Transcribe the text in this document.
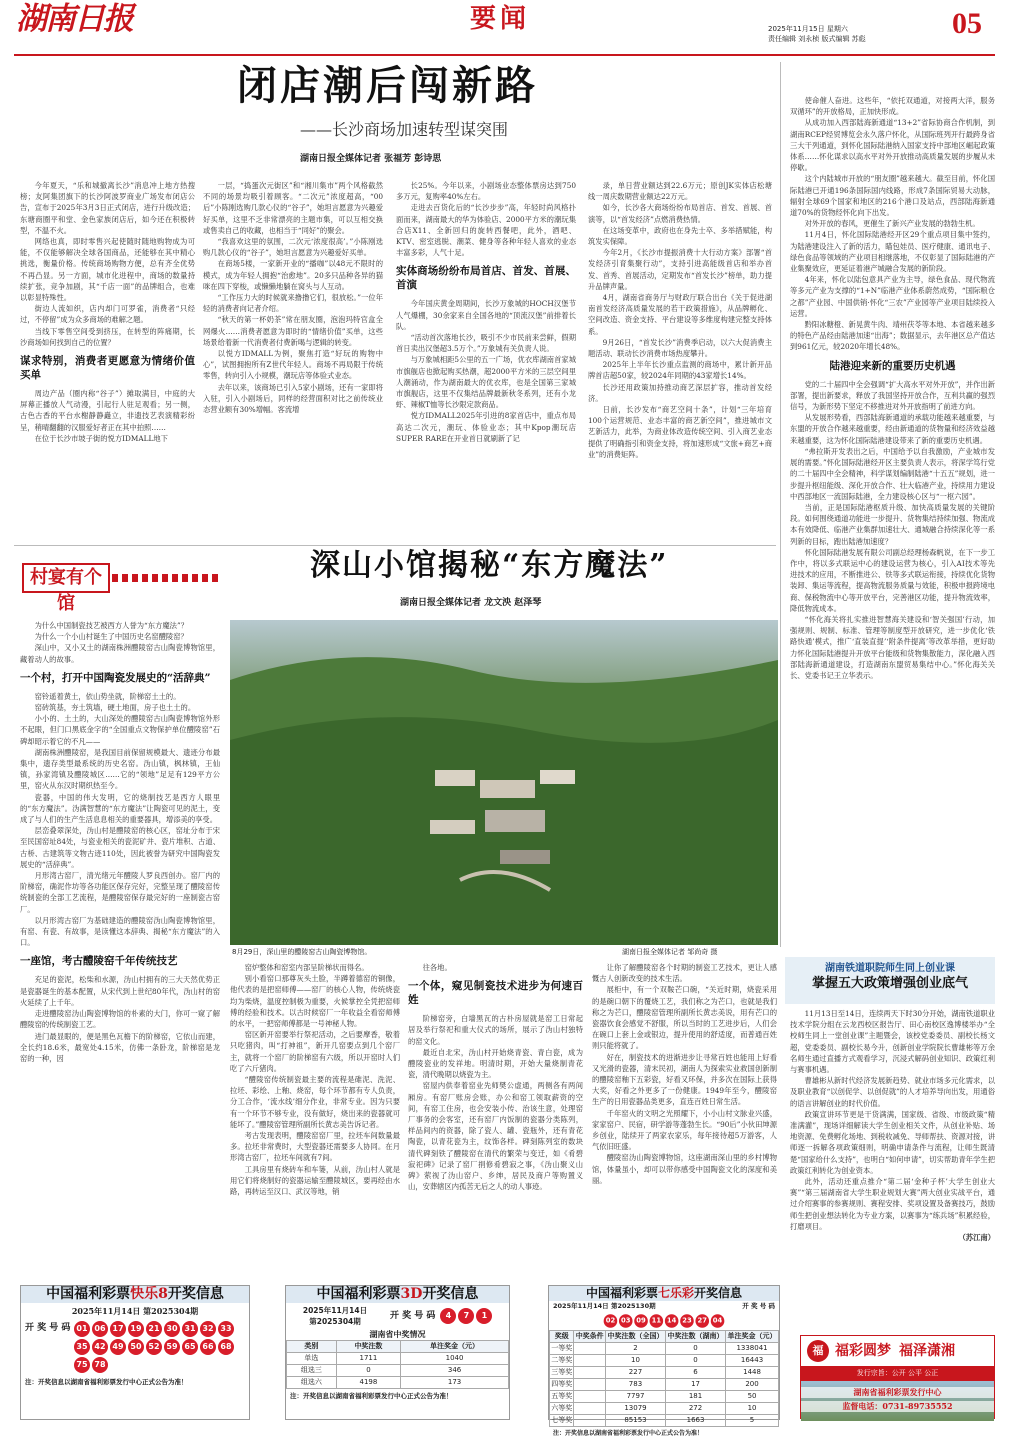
湖南日报	要闻	2025年11月15日 星期六
责任编辑 刘永桢 版式编辑 苏彪	05
闭店潮后闯新路
——长沙商场加速转型谋突围
湖南日报全媒体记者 张福芳 彭诗思

今年夏天，“乐和城撤离长沙”消息冲上地方热搜榜；友阿集团旗下的长沙阿波罗商业广场发布闭店公告，宣布于2025年3月3日正式闭店，进行升级改造；东塘商圈平和堂、金色家族闭店后，如今还在积极转型，不温不火。

网络也真，即时零售兴起使随时随地购物成为可能，不仅能够解决全球各国商品，还能够在其中精心挑选，衡量价格。传统商场购物方便，总有齐全优势不再凸显。另一方面，城市化进程中，商场的数量持续扩张，竞争加剧，其“千店一面”的品牌组合，也难以彰显特殊性。

街边人流如织，店内却门可罗雀，消费者“只经过，不停留”成为众多商场的难解之题。

当线下零售空间受到挤压，在转型的阵痛期，长沙商场如何找到自己的位置？

谋求特别，消费者更愿意为情绪价值买单

周边产品（圈内称“谷子”）摊取满目，中庭的大屏幕正播放人气动漫，引起行人驻足观看；另一侧，古色古香的平台水榭静静矗立，非遗技艺表演精彩纷呈，稍晴翻翻的汉服爱好者正在其中拍照……

在位于长沙市坡子街的悦方IDMALL地下

一层，“捣蛋次元街区”和“湘川集市”两个风格截然不同的场景均吸引着顾客。“二次元”浓度超高，“00后”小陈刚选购几款心仪的“谷子”，她坦言愿意为兴趣爱好买单，这里不乏非常漂亮的主题市集，可以互相交换或售卖自己的收藏，也相当于“同好”的聚会。

“我喜欢这里的氛围，二次元‘浓度很高’。”小陈刚选购几款心仪的“谷子”，她坦言愿意为兴趣爱好买单。

在商场5楼，一家新开业的“播咖”以48元不限时的模式，成为年轻人拥抱“治愈地”。20多只品种各异的猫咪在四下穿梭，或懒懒地躺在窝头与人互动。

“工作压力大的时候就来撸撸它们，很放松。”一位年轻的消费者向记者介绍。

“秋天的第一杯奶茶”常在朋友圈，泡泡玛特官盒全网爆火……消费者愿意为即时的“情绪价值”买单，这些场景给着新一代消费者付费新喝与逻辑的转变。

以悦方IDMALL为例，聚焦打造“好玩的购物中心”，试图拥抱所有Z世代年轻人。商场不再局限于传统零售，转向引入小规模，潮玩店等体验式业态。

去年以来，该商场已引入5家小剧场，还有一家即将入驻，引入小剧场后，同样的经营面积对比之前传统业态营业额有30%增幅。客流增

长25%。今年以来，小剧场业态整体票房达到750多万元，复购率40%左右。

走进去百货化后的“长沙步步”高，年轻时尚风格扑面而来，湖南最大的华为体验店、2000平方米的潮玩集合店X11、全新回归的旋转西餐吧，此外，酒吧、KTV、密室逃脱、潮菜、健身等各种年轻人喜欢的业态丰富多彩，人气十足。

实体商场纷纷布局首店、首发、首展、首演

今年国庆黄金周期间，长沙万象城的HOCH汉堡节人气爆棚，30余家来自全国各地的“顶流汉堡”前排着长队。

“活动首次落地长沙，吸引不少市民前来尝鲜，假期首日卖出汉堡超3.5万个。”万象城有关负责人说。

与万象城相距5公里的五一广场，优衣库湖南首家城市旗舰店也掀起购买热潮，超2000平方米的三层空间里人潮涌动，作为湖南最大的优衣库，也是全国第三家城市旗舰店，这里不仅集结品牌最新秋冬系列，还有小龙虾、辣椒T恤等长沙限定款商品。

悦方IDMALL2025年引进的8家首店中，重点布局高达二次元，潮玩、体验业态；其中Kpop潮玩店SUPER RARE在开业首日就刷新了记

录，单日营业额达到22.6万元；原创JK实体店松塘线一周庆数期营业额达22万元。

如今，长沙各大商场纷纷布局首店、首发、首展、首演等，以“首发经济”点燃消费热情。

在这场变革中，政府也在身先士卒、多举措赋能，构筑发实保障。

今年2月，《长沙市提振消费十大行动方案》部署“首发经济引育集聚行动”，支持引进高能级首店和举办首发、首秀、首展活动，定期发布“首发长沙”榜单，助力提升品牌声量。

4月，湖南省商务厅与财政厅联合出台《关于促进湖南首发经济高质量发展的若干政策措施》，从品牌孵化、空间改造、资金支持、平台建设等多维度构建完整支持体系。

9月26日，“首发长沙”消费季启动，以六大促消费主题活动、联动长沙消费市场热度攀升。

2025年上半年长沙重点监测的商场中，累计新开品牌首店超50家，较2024年同期的43家增长14%。

长沙还用政策加持推动商艺深层扩容，推动首发经济。

日前，长沙发布“商艺空间十条”，计划“三年培育100个运营规范、业态丰富的商艺新空间”，推进城市文艺新活力，此举，为商业体改造传统空间、引入商艺业态提供了明确指引和资金支持，将加速形成“文旅+商艺+商业”的消费矩阵。

使命催人奋进。这些年，“依托双通道，对接两大洋，服务双循环”的开放格局，正加快形成。

从成功加入西部陆海新通道“13+2”省际协商合作机制，到湖南RCEP经贸博览会永久落户怀化，从国际班列开行最跨身省三大干列通道，到怀化国际陆港纳入国家支持中部地区崛起政策体系……怀化谋求以高水平对外开放推动高质量发展的步履从未停歇。

这个内陆城市开放的“朋友圈”越来越大。截至目前，怀化国际陆港已开通196条国际国内线路，形成7条国际贸易大动脉，辐射全球69个国家和地区的216个港口及站点，西部陆海新通道70%的货物经怀化向下出发。

对外开放的春风，更催生了新兴产业发展的勃勃生机。

11月4日，怀化国际陆港经开区29个重点项目集中签约，为陆港建设注入了新的活力，瞄包娃员、医疗健康、通讯电子、绿色食品等领域的产业项目相继落地，不仅彰显了国际陆港的产业集聚效应，更延证着港产城融合发展的新阶段。

4年来，怀化以陆包意具产业为主导，绿色食品、现代物流等多元产业为支撑的“1+N”临港产业体系蔚然成势，“国际粮仓之都”产业园、中国供销·怀化“三农”产业园等产业项目陆续投入运营。

黔阳冰糖橙、新晃黄牛肉、靖州茯苓等本地、本省越来越多的特色产品经由陆港加速“出海”；数据显示，去年港区总产值达到961亿元，较2020年增长48%。

陆港迎来新的重要历史机遇

党的二十届四中全会强调“扩大高水平对外开放”，并作出新部署，提出新要求，释放了我国坚持开放合作，互利共赢的强烈信号，为新形势下坚定不移推进对外开放指明了前进方向。

从发展形势看，西部陆海新通道的承载功能越来越重要，与东盟的开放合作越来越重要，经由新通道的货物量和经济效益越来越重要，这为怀化国际陆港建设带来了新的重要历史机遇。

“弗拉斯开发表出之后，中国给予以自我激励，产业城市发展的需要。”怀化国际陆港经开区主要负责人表示，将深学笃行党的二十届四中全会精神，科学谋划编制陆港“十五五”规划，进一步提升枢纽能级、深化开放合作、壮大临港产业，持续用力建设中西部地区一流国际陆港，全力建设核心区与“一枢六园”。

当前，正是国际陆港枢质升级、加快高质量发展的关键阶段。如何围绕通道功能进一步提升、货物集结持续加强、物流成本有效降低、临港产业集群加速壮大、通城融合持续深化等一系列新的目标，跑出陆港加速度？

怀化国际陆港发展有限公司副总经理杨森帆说，在下一步工作中，将以多式联运中心的建设运营为核心，引入AI技术等先进技术的应用，不断推进公、铁等多式联运衔接，持续优化货物装卸、集运等流程，提高物流服务质量与效能，积极申报跨境电商、保税物流中心等开放平台，完善港区功能，提升物流效率，降低物流成本。

“怀化海关将扎实推进智慧海关建设和‘智关强国’行动，加强规则、规制、标准、管理等制度型开放研究，进一步优化‘铁路快通’模式，推广‘直装直提’‘附条件提离’等改革举措，更好助力怀化国际陆港提升开放平台能级和货物集散能力，深化融入西部陆海新通道建设，打造湖南东盟贸易集结中心。”怀化海关关长、党委书记王立华表示。

村宴有个馆
深山小馆揭秘“东方魔法”
湖南日报全媒体记者 龙文泱 赵泽琴

为什么中国制瓷技艺被西方人誉为“东方魔法”？

为什么一个小山村诞生了中国历史名窑醴陵窑？

深山中，又小又土的湖南株洲醴陵窑古山陶瓷博物馆里，藏着动人的故事。

一个村，打开中国陶瓷发展史的“活辞典”

窑铃遥着黄土，依山势坐就，阶梯窑土土的。

窑砖筑基，夯土筑墙，硬土地面，房子也土土的。

小小的、土土的，大山深处的醴陵窑古山陶瓷博物馆外形不起眼，但门口黑底金字的“全国重点文物保护单位醴陵窑”石碑却昭示着它的不凡——

湖南株洲醴陵窑，是我国目前保留规模最大、遗迹分布最集中，遗存类型最系统的历史名窑。沩山镇，枫林镇，王仙镇，孙家湾镇及醴陵城区……它的“领地”足足有129平方公里，窑火从东汉时期织热至今。

瓷器，中国的伟大发明，它的烧制技艺是西方人眼里的“东方魔法”。沩满智慧的“东方魔法”让陶瓷可见的泥土，变成了与人们的生产生活息息相关的重要器具，增添美的享受。

层峦叠翠深处，沩山村是醴陵窑的核心区，窑址分布于宋至民国窑址84处，与瓷业相关的瓷泥矿井、瓷片堆积、古道、古桥、古建筑等文物古迹110处，因此被誉为研究中国陶瓷发展史的“活辞典”。

月形湾古窑厂，清光绪元年醴陵人罗良西创办。窑厂内的阶梯窑，确泥作坊等各功能区保存完好，完整呈现了醴陵窑传统制瓷的全部工艺流程，是醴陵窑保存最完好的一座制瓷古窑厂。

以月形湾古窑厂为基础建造的醴陵窑沩山陶瓷博物馆里，有窑、有瓷、有故事，是读懂这本辞典、揭秘“东方魔法”的入口。

一座馆，考古醴陵窑千年传统技艺

充足的瓷泥，松柴和水源，沩山村拥有的三大天然优势正是瓷器诞生的基本配置，从宋代到上世纪80年代，沩山村的窑火延续了上千年。

走进醴陵窑沩山陶瓷博物馆的朴素的大门，你可一窥了解醴陵窑的传统制瓷工艺。

进门最显眼的，便是黑色瓦檐下的阶梯窑，它依山而建，全长约18.6米，最宽处4.15米，仿佛一条卧龙，阶梯窑是龙窑的一种，因

8月29日，深山里的醴陵窑古山陶瓷博物馆。	湖南日报全媒体记者 邹尚奇 摄

窑炉整体和窑室内部呈阶梯状而得名。

别小看窑口那尊灰头土脸，半蹲着德窑的铜像，他代表的是把窑师傅——窑厂的核心人物，传统烧瓷均为柴烧，温度控制极为重要，火候掌控全凭把窑师傅的经验和技术。以古时候窑厂一年收益全看窑师傅的水平，一把窑师傅都是一号神秘人物。

窑区新开窑要举行祭祀活动，之后要摩香，敬着只吃猪肉，叫“打神祖”，新开几窑要点到几个窑厂主，就将一个窑厂的阶梯窑有六级，所以开窑时人们吃了六斤猪肉。

“醴陵窑传统制瓷最主要的流程是碓泥、洗泥、拉坯、彩绘、上釉、烧窑，每个环节都有专人负责，分工合作，‘流水线’细分作业，非常专业。因为只要有一个环节不够专业，没有做好，烧出来的瓷器就可能坏了。”醴陵窑管理所副所长黄志美告诉记者。

考古发现表明，醴陵窑窑厂里，拉坯车间数量最多。拉坯非常费时，大型瓷器还需要多人协同。在月形湾古窑厂，拉坯车间就有7间。

工具房里有烧砖车和车篓，从前，沩山村人就是用它们将烧制好的瓷器运输至醴陵城区，要再经由水路，再转运至汉口、武汉等地，销

往各地。

一个体，窥见制瓷技术进步为何速百姓

阶梯窑旁，白墙黑瓦的古朴房屋就是窑工日常起居及举行祭祀和重大仪式的场所，展示了沩山村独特的窑文化。

最近自北宋，沩山村开始烧青瓷、青白瓷，成为醴陵瓷业的发祥地。明清时期，开始大量烧制青花瓷，清代晚期以烧瓷为主。

窑屋内供奉着窑业先师樊公虚通，两侧各有两间厢房。有窑厂账房会账，办公和窑工领取薪资的空间，有窑工住房，也会安装小传、治该生意，处理窑厂事务的会客室，还有窑厂内饭制的瓷器分类陈列，样品间内的资器，除了瓷人、罐、瓷瓶外，还有青花陶瓷，以青花瓷为主，纹饰各样。碑刻陈列室的数块清代碑刻铁了醴陵窑在清代的繁荣与变迁，如《肴碧寂祀碑》记录了窑厂捐修肴碧寂之事，《沩山聚义山碑》萦视了沩山窑户、乡绅，居民及商户等购置义山，安葬辖区内孤苦无后之人的动人事迹。

让你了解醴陵窑各个时期的制瓷工艺技术，更让人感慨古人创新改变的技术生活。

展柜中，有一个双鞍芒口碗，“关近时期，烧瓷采用的是碗口朝下的覆烧工艺，我们称之为芒口，也就是我们称之为芒口，醴陵窑管理所副所长黄志美说，用有芒口的瓷器饮食会感觉不舒服，所以当时的工艺进步后，人们会在碗口上套上金或银边，提升使用的舒适度，而普通百姓则只能将就了。

好在，制瓷技术的进渐进步让寻常百姓也能用上好看又光滑的瓷器，清末民初，湖南人为探索实业救国创新制的醴陵窑釉下五彩瓷，好看又环保，并多次在国际上获得大奖，好看之外更多了一份健康。1949年至今，醴陵窑生产的日用瓷器品类更多，直连百姓日常生活。

千年窑火的文明之光照耀下，小小山村文脉业兴盛，家家窑户、民宿，研学游等蓬勃生长。“90后”小伙田坤源乡创业，陆续开了两家农家乐，每年接待超5万游客，人气依旧旺盛。

醴陵窑沩山陶瓷博物馆，这座湖南深山里的乡村博物馆，体量虽小，却可以带你感受中国陶瓷文化的深度和美丽。

湖南铁道职院师生同上创业课
掌握五大政策增强创业底气

11月13日至14日，连续两天下时30分开始，湖南铁道职业技术学院分组在云龙西校区报告厅、田心南校区逸博楼举办“全校师生同上一堂创业课”主题暨会，该校党委委员、副校长杨文超，党委委员、副校长易今升，创新创业学院院长曹雄彬等万余名师生通过直播方式观看学习，沉浸式解码创业知识、政策红利与赛事机遇。

曹雄彬从新时代经济发展新趋势、就业市场多元化需求，以及职业教育“以创促学、以创促就”的人才培养导向出发，用通俗的语言讲解创业的时代价值。

政策宣讲环节更是干货满满，国家级、省级、市级政策“精准满灌”，现场详细解读大学生创业相关文件，从创业补贴、场地资源、免费孵化场地、到税收减免、导师帮扶、资源对接，讲师逐一拆解各项政策细则，明确申请条件与流程，让师生既清楚“国家给什么支持”，也明白“如何申请”，切实帮助青年学生把政策红利转化为创业资本。

此外，活动还重点推介“第二届‘金种子杯’大学生创业大赛”“第三届湖南省大学生职业规划大赛”两大创业实战平台，通过介绍赛事的参赛规则、赛程安排、奖项设置及备赛技巧，鼓励师生把创业想法转化为专业方案，以赛事为“练兵场”积累经验，打磨项目。

（苏江南）
中国福利彩票快乐8开奖信息
2025年11月14日 第2025304期
开 奖 号 码 01 06 17 19 21 30 31 32 3335 42 49 50 52 59 65 66 6875 78
注：开奖信息以湖南省福利彩票发行中心正式公告为准！
中国福利彩票3D开奖信息
2025年11月14日
第2025304期
开 奖 号 码	4 7 1
湖南省中奖情况
类别	中奖注数	单注奖金（元）
单选	1711	1040
组选三	0	346
组选六	4198	173
注：开奖信息以湖南省福利彩票发行中心正式公告为准！
中国福利彩票七乐彩开奖信息
2025年11月14日 第2025130期	开 奖 号 码
02 03 09 11 14 23 27 04
奖级	中奖条件	中奖注数（全国）	中奖注数（湖南）	单注奖金（元）
一等奖		2	0	1338041
二等奖		10	0	16443
三等奖		227	6	1448
四等奖		783	17	200
五等奖		7797	181	50
六等奖		13079	272	10
七等奖		85153	1663	5
注：开奖信息以湖南省福利彩票发行中心正式公告为准！
福 福彩圆梦 福泽潇湘
发行宗旨：公开 公平 公正
湖南省福利彩票发行中心
监督电话：0731-89735552
